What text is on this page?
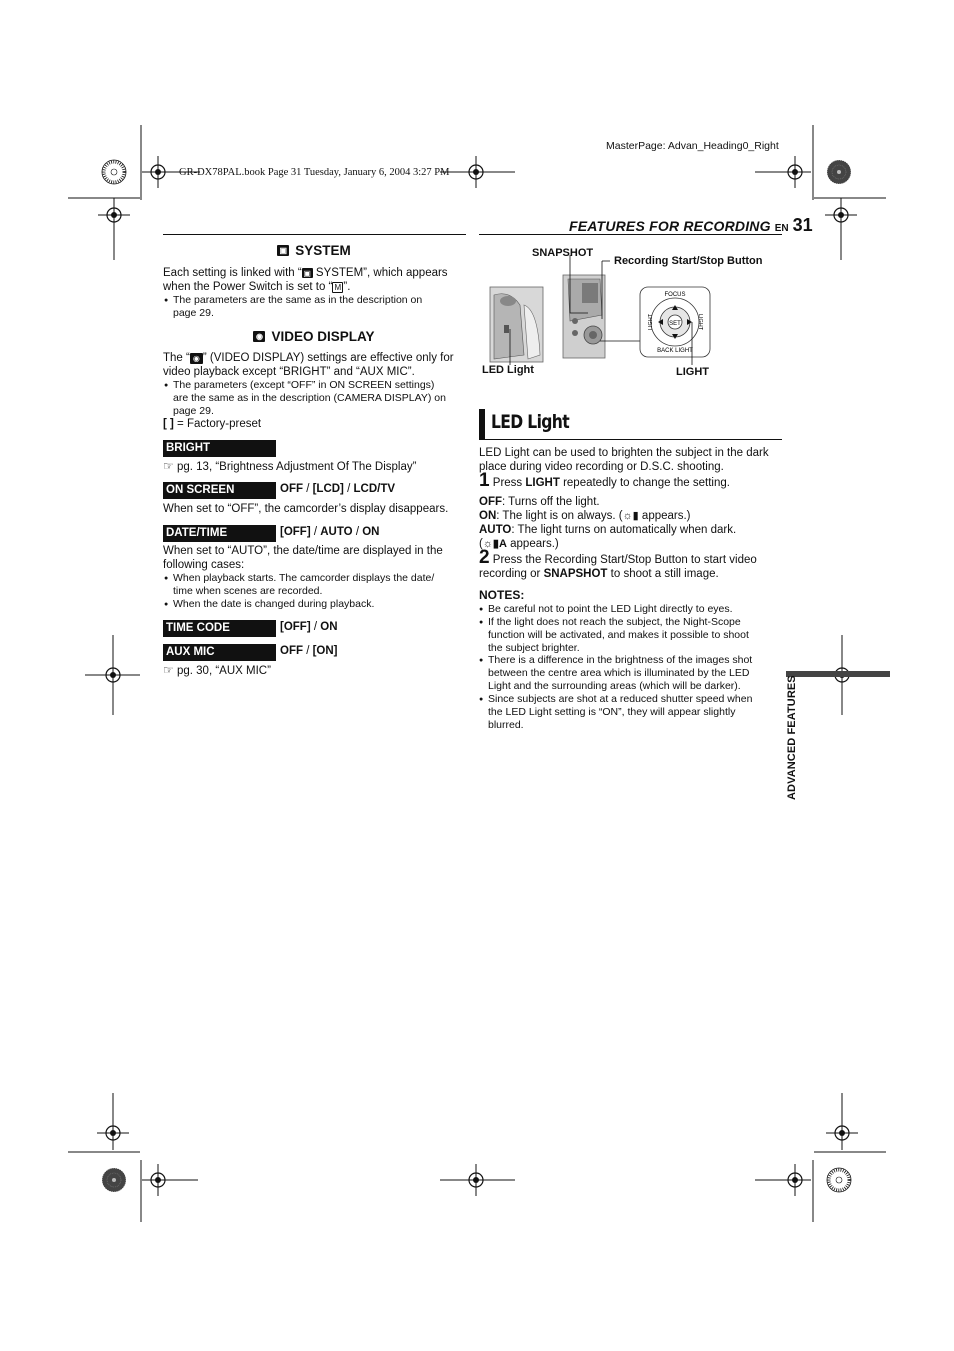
GR-DX78PAL.book Page 31 Tuesday, January 6, 2004 3:27 PM
MasterPage: Advan_Heading0_Right
FEATURES FOR RECORDING EN 31
▣ SYSTEM
Each setting is linked with “ ▣ SYSTEM”, which appears
when the Power Switch is set to “ M ”.
● The parameters are the same as in the description on
page 29.
◉ VIDEO DISPLAY
The “ ◉ ” (VIDEO DISPLAY) settings are effective only for
video playback except “BRIGHT” and “AUX MIC”.
● The parameters (except “OFF” in ON SCREEN settings)
are the same as in the description (CAMERA DISPLAY) on
page 29.
[ ] = Factory-preset
BRIGHT
☞ pg. 13, “Brightness Adjustment Of The Display”
ON SCREEN	OFF / [LCD] / LCD/TV
When set to “OFF”, the camcorder’s display disappears.
DATE/TIME	[OFF] / AUTO / ON
When set to “AUTO”, the date/time are displayed in the
following cases:
● When playback starts. The camcorder displays the date/
time when scenes are recorded.
● When the date is changed during playback.
TIME CODE	[OFF] / ON
AUX MIC	OFF / [ON]
☞ pg. 30, “AUX MIC”
SNAPSHOT
Recording Start/Stop Button
LED Light	LIGHT
SET
FOCUS
BACK LIGHT
LIGHT	LIGHT
LED Light
LED Light can be used to brighten the subject in the dark
place during video recording or D.S.C. shooting.
1 Press LIGHT repeatedly to change the setting.
OFF: Turns off the light.
ON: The light is on always. (☼▮ appears.)
AUTO: The light turns on automatically when dark.
(☼▮A appears.)
2 Press the Recording Start/Stop Button to start video
recording or SNAPSHOT to shoot a still image.
NOTES:
● Be careful not to point the LED Light directly to eyes.
● If the light does not reach the subject, the Night-Scope
function will be activated, and makes it possible to shoot
the subject brighter.
● There is a difference in the brightness of the images shot
between the centre area which is illuminated by the LED
Light and the surrounding areas (which will be darker).
● Since subjects are shot at a reduced shutter speed when
the LED Light setting is “ON”, they will appear slightly
blurred.	ADVANCED FEATURES
